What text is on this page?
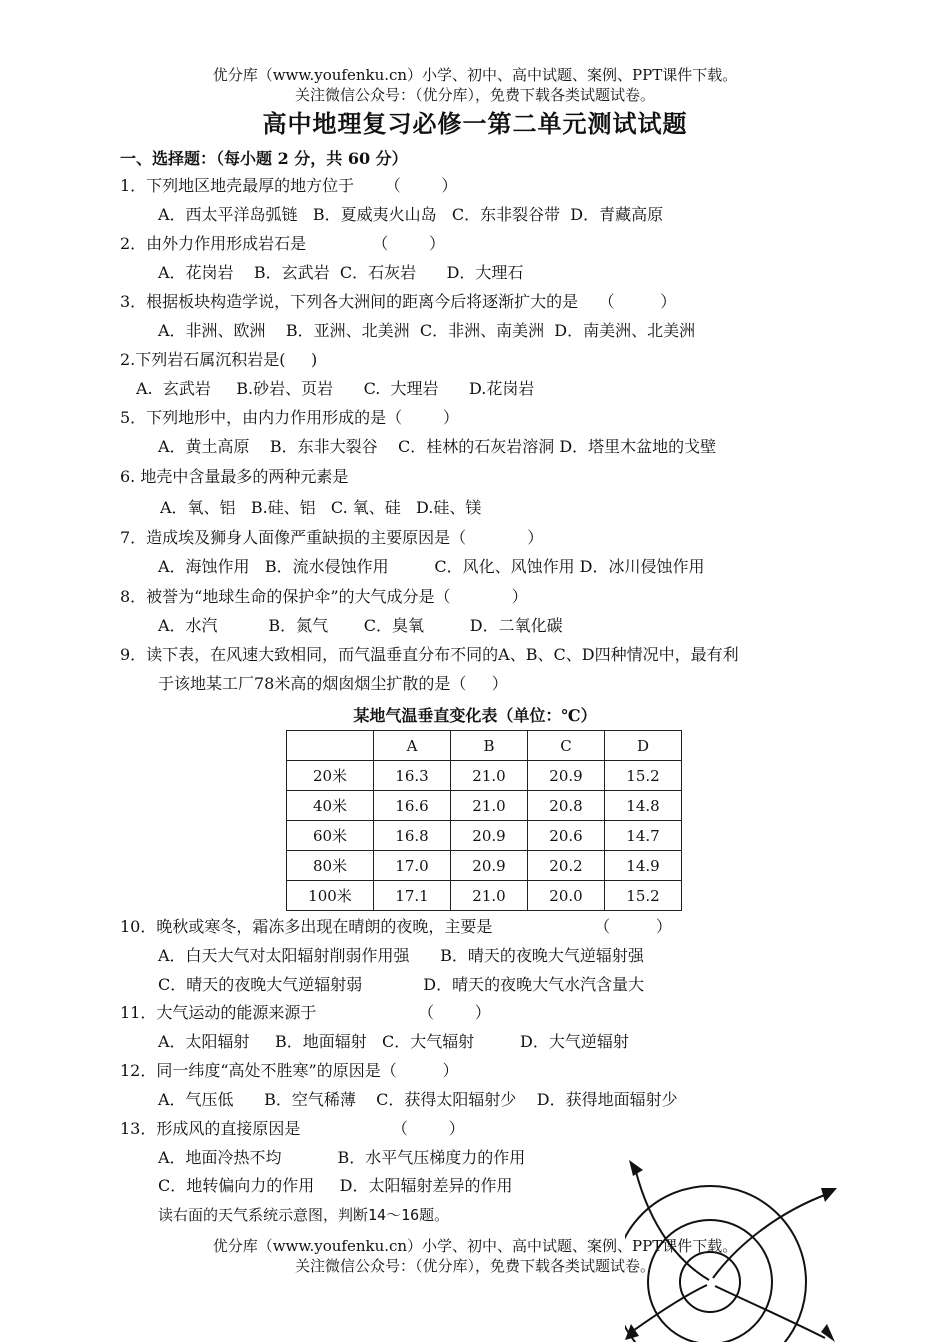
优分库（www.youfenku.cn）小学、初中、高中试题、案例、PPT课件下载。
关注微信公众号：（优分库），免费下载各类试题试卷。
高中地理复习必修一第二单元测试试题
一、选择题：（每小题 2 分，共 60 分）
1．下列地区地壳最厚的地方位于      （        ）
A．西太平洋岛弧链   B．夏威夷火山岛   C．东非裂谷带  D．青藏高原
2．由外力作用形成岩石是             （        ）
A．花岗岩    B．玄武岩  C．石灰岩      D．大理石
3．根据板块构造学说，下列各大洲间的距离今后将逐渐扩大的是    （         ）
A．非洲、欧洲    B．亚洲、北美洲  C．非洲、南美洲  D．南美洲、北美洲
2.下列岩石属沉积岩是(     )
A.  玄武岩     B.砂岩、页岩      C.  大理岩      D.花岗岩
5．下列地形中，由内力作用形成的是（        ）
A．黄土高原    B．东非大裂谷    C．桂林的石灰岩溶洞 D．塔里木盆地的戈壁
6. 地壳中含量最多的两种元素是
A．氧、铝   B.硅、铝   C. 氧、硅   D.硅、镁
7．造成埃及狮身人面像严重缺损的主要原因是（            ）
A．海蚀作用   B．流水侵蚀作用         C．风化、风蚀作用 D．冰川侵蚀作用
8．被誉为“地球生命的保护伞”的大气成分是（            ）
A．水汽          B．氮气       C．臭氧         D．二氧化碳
9．读下表，在风速大致相同，而气温垂直分布不同的A、B、C、D四种情况中，最有利
于该地某工厂78米高的烟囱烟尘扩散的是（     ）
某地气温垂直变化表（单位：℃）
	A	B	C	D
20米	16.3	21.0	20.9	15.2
40米	16.6	21.0	20.8	14.8
60米	16.8	20.9	20.6	14.7
80米	17.0	20.9	20.2	14.9
100米	17.1	21.0	20.0	15.2
10．晚秋或寒冬，霜冻多出现在晴朗的夜晚，主要是                    （         ）
A．白天大气对太阳辐射削弱作用强      B．晴天的夜晚大气逆辐射强
C．晴天的夜晚大气逆辐射弱            D．晴天的夜晚大气水汽含量大
11．大气运动的能源来源于                    （        ）
A．太阳辐射     B．地面辐射   C．大气辐射         D．大气逆辐射
12．同一纬度“高处不胜寒”的原因是（         ）
A．气压低      B．空气稀薄    C．获得太阳辐射少    D．获得地面辐射少
13．形成风的直接原因是                  （        ）
A．地面冷热不均           B．水平气压梯度力的作用
C．地转偏向力的作用     D．太阳辐射差异的作用
读右面的天气系统示意图，判断14～16题。
优分库（www.youfenku.cn）小学、初中、高中试题、案例、PPT课件下载。
关注微信公众号：（优分库），免费下载各类试题试卷。
